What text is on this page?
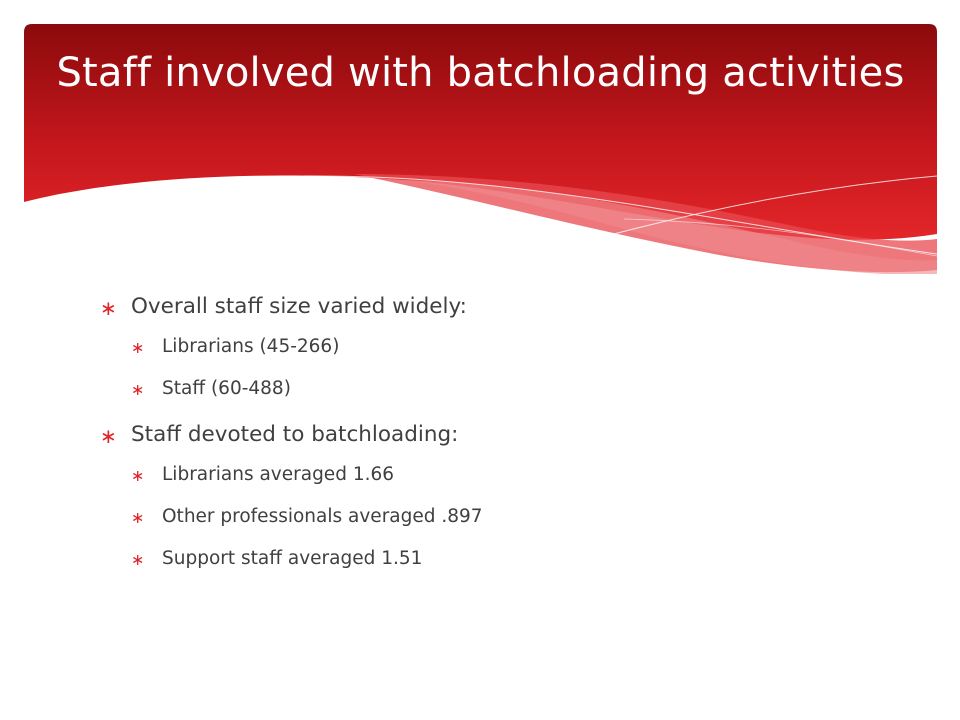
Staff involved with batchloading activities
∗ Overall staff size varied widely:
∗ Librarians (45-266)
∗ Staff (60-488)
∗ Staff devoted to batchloading:
∗ Librarians averaged 1.66
∗ Other professionals averaged .897
∗ Support staff averaged 1.51
